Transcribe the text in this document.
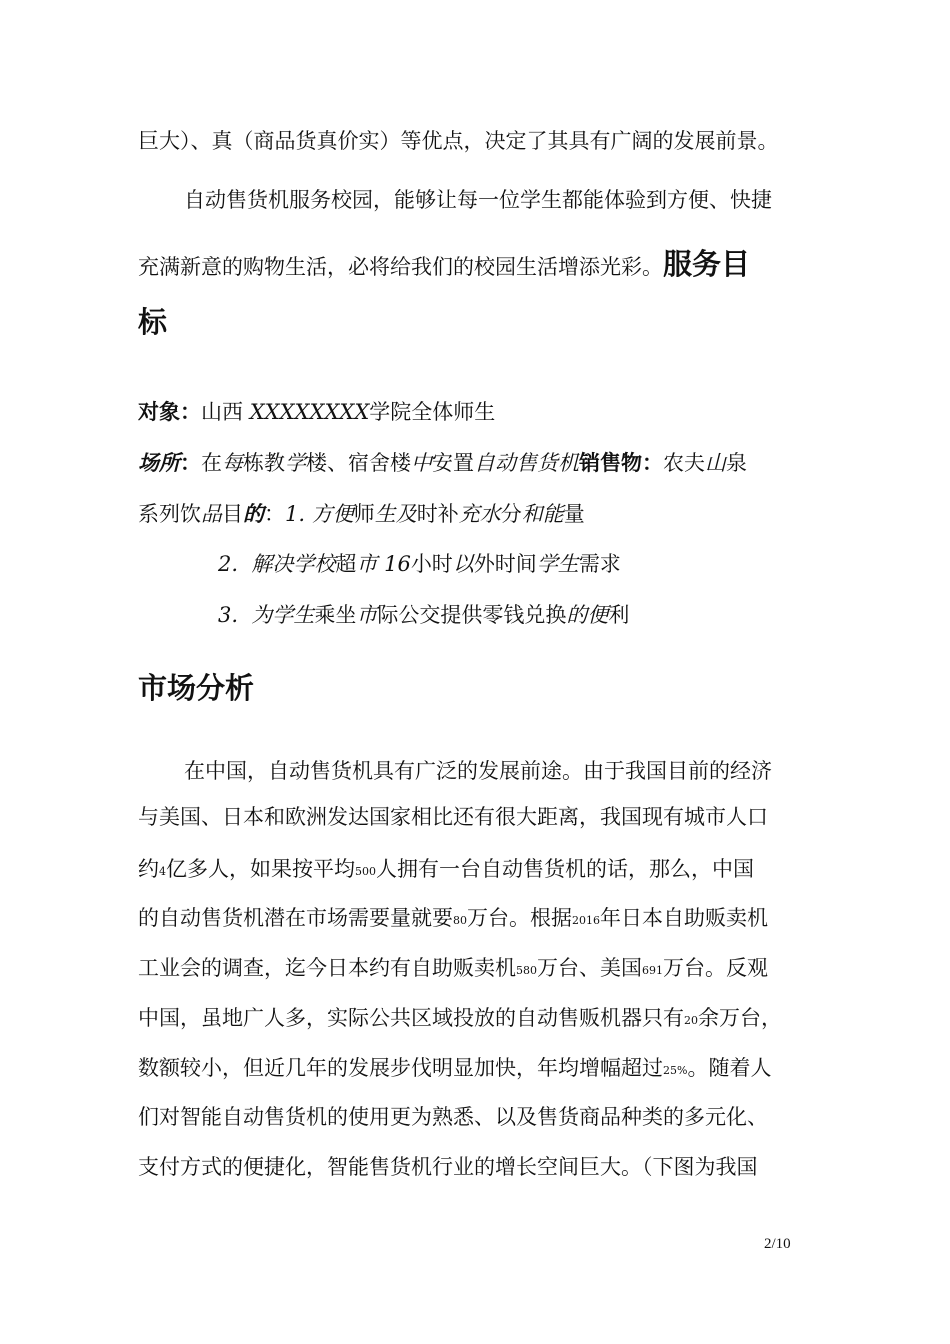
巨大）、真（商品货真价实）等优点，决定了其具有广阔的发展前景。
自动售货机服务校园，能够让每一位学生都能体验到方便、快捷
充满新意的购物生活，必将给我们的校园生活增添光彩。服务目
标
对象：山西 XXXXXXXX学院全体师生
场所：在每栋教学楼、宿舍楼中安置自动售货机销售物：农夫山泉
系列饮品目的：1. 方便师生及时补充水分和能量
2. 解决学校超市 16小时以外时间学生需求
3. 为学生乘坐市际公交提供零钱兑换的便利
市场分析
在中国，自动售货机具有广泛的发展前途。由于我国目前的经济
与美国、日本和欧洲发达国家相比还有很大距离，我国现有城市人口
约4亿多人，如果按平均500人拥有一台自动售货机的话，那么，中国
的自动售货机潜在市场需要量就要80万台。根据2016年日本自助贩卖机
工业会的调查，迄今日本约有自助贩卖机580万台、美国691万台。反观
中国，虽地广人多，实际公共区域投放的自动售贩机器只有20余万台，
数额较小，但近几年的发展步伐明显加快，年均增幅超过25%。随着人
们对智能自动售货机的使用更为熟悉、以及售货商品种类的多元化、
支付方式的便捷化，智能售货机行业的增长空间巨大。（下图为我国
2/10
